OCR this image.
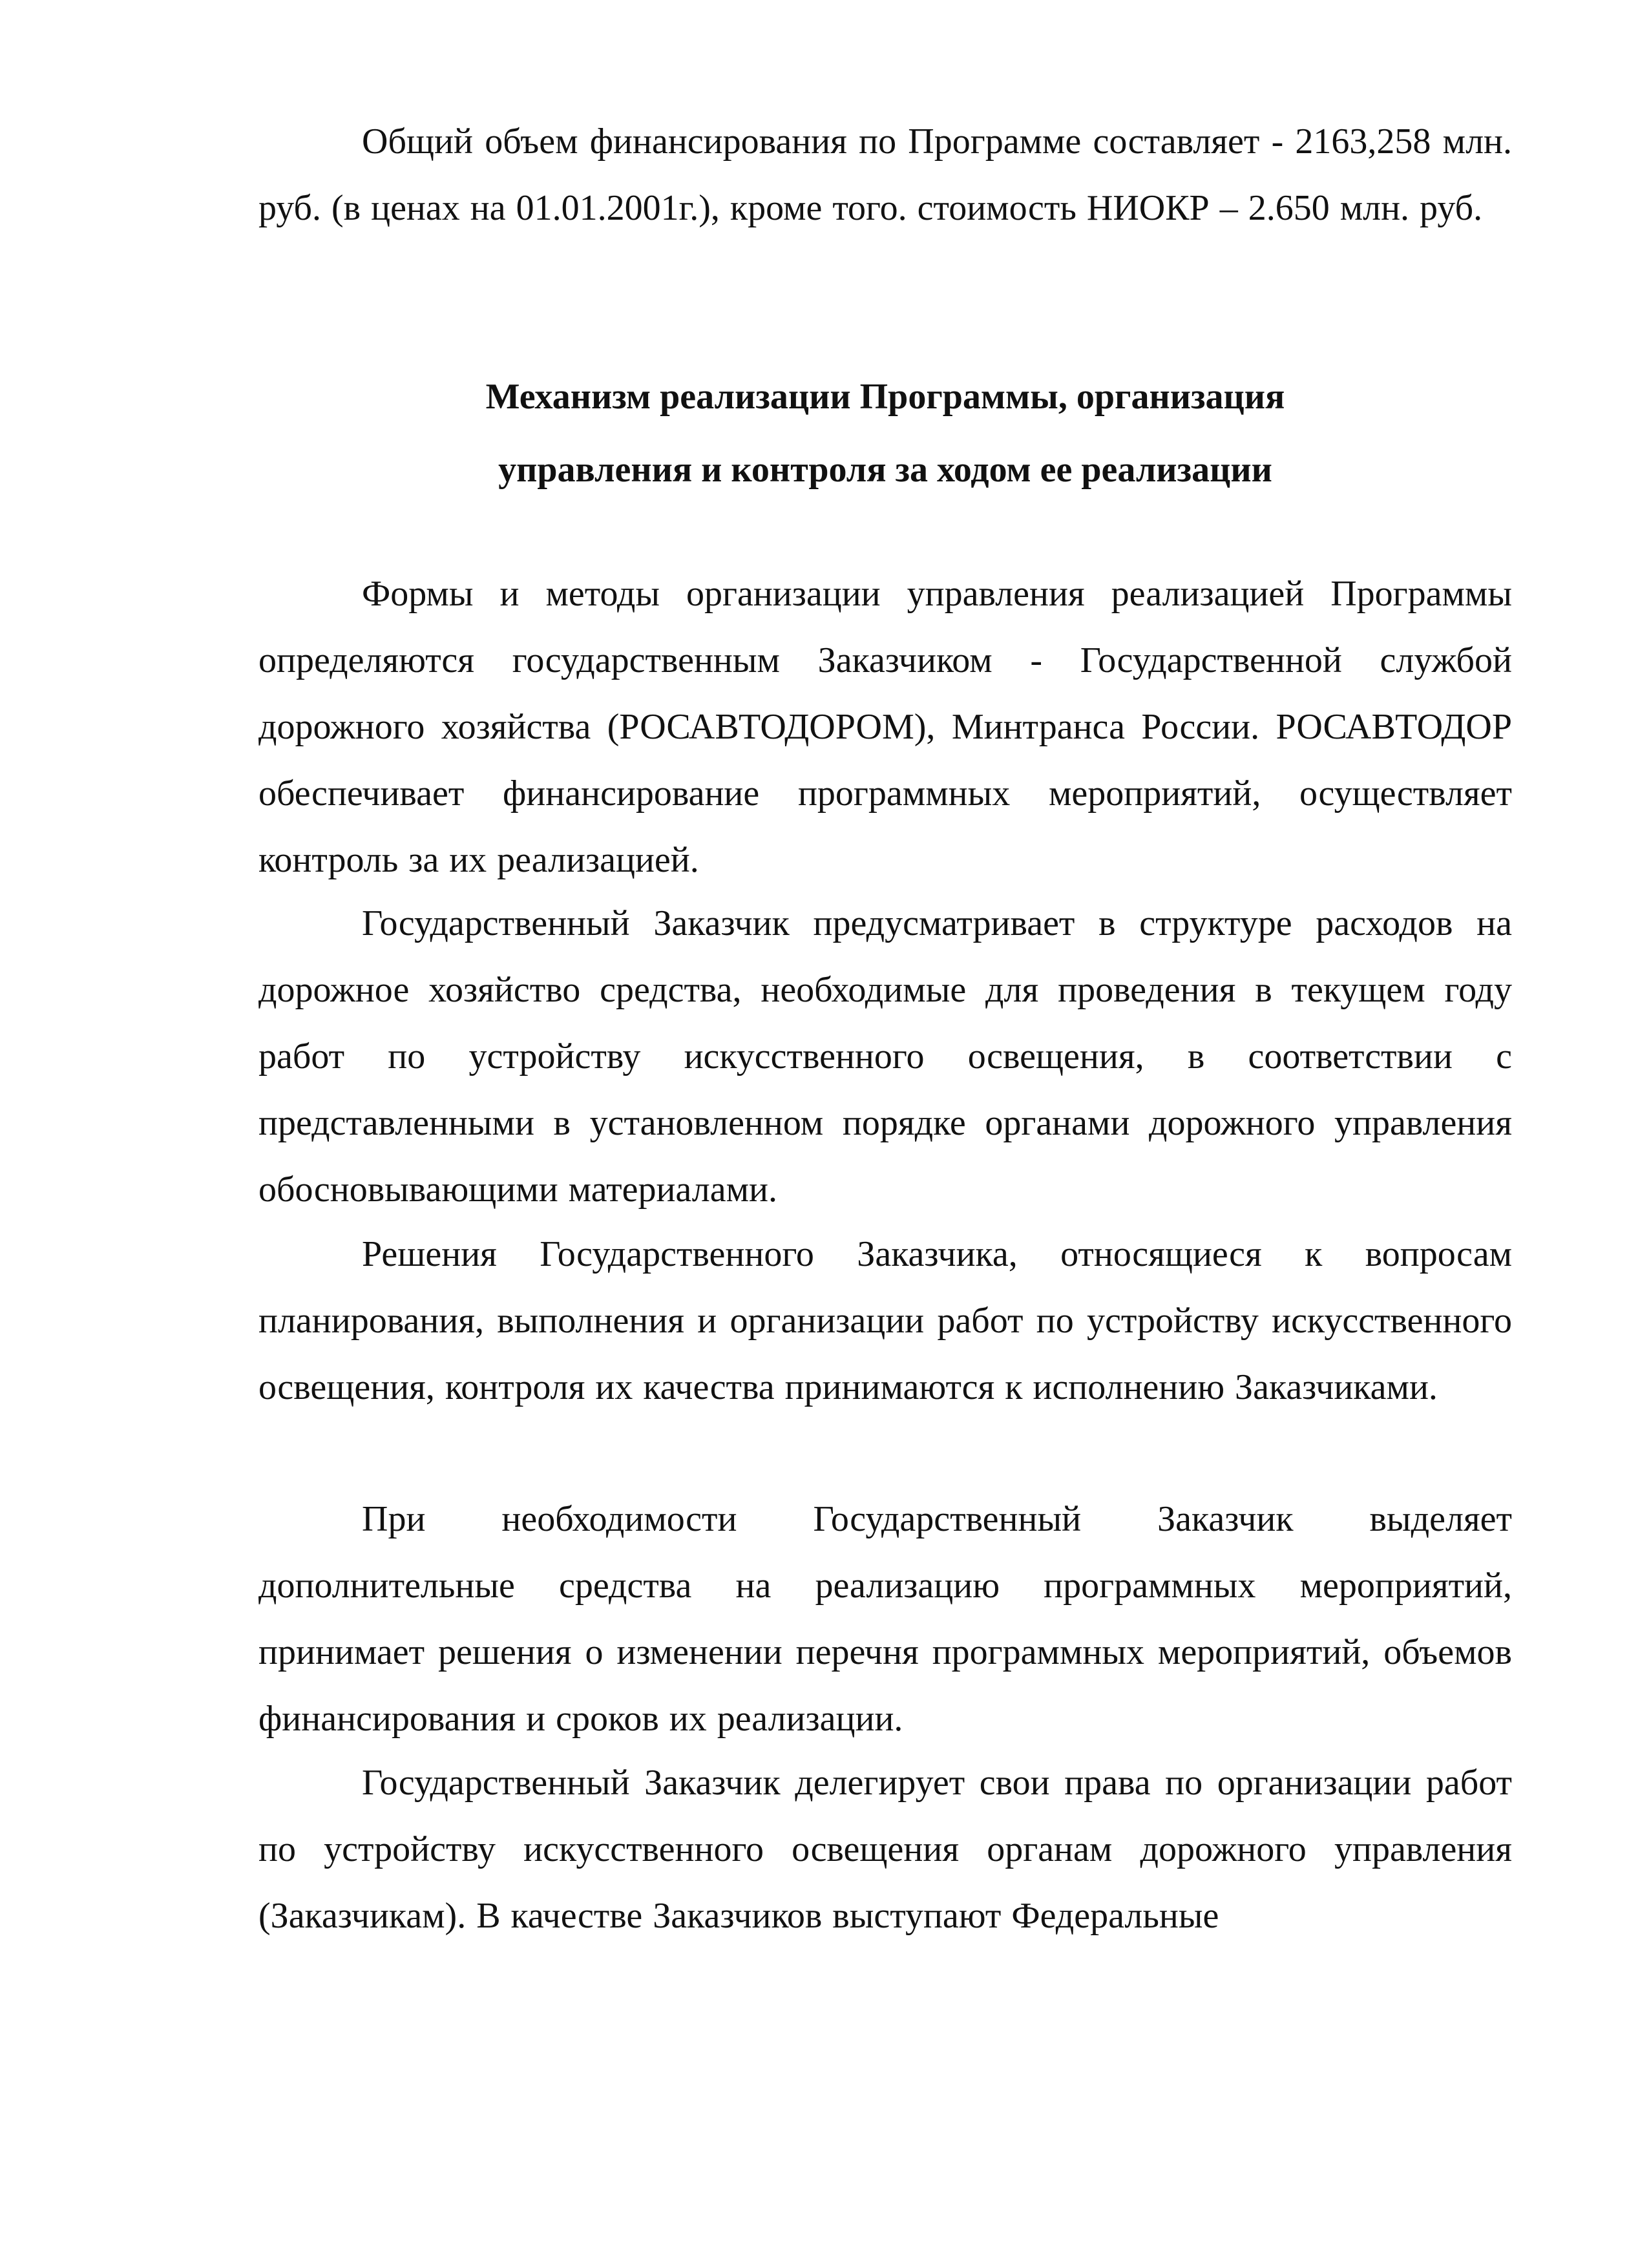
Общий объем финансирования по Программе составляет - 2163,258 млн. руб. (в ценах на 01.01.2001г.), кроме того. стоимость НИОКР – 2.650 млн. руб.

Механизм реализации Программы, организация
управления и контроля за ходом ее реализации

Формы и методы организации управления реализацией Программы определяются государственным Заказчиком - Государственной службой дорожного хозяйства (РОСАВТОДОРОМ), Минтранса России. РОСАВТОДОР обеспечивает финансирование программных мероприятий, осуществляет контроль за их реализацией.

Государственный Заказчик предусматривает в структуре расходов на дорожное хозяйство средства, необходимые для проведения в текущем году работ по устройству искусственного освещения, в соответствии с представленными в установленном порядке органами дорожного управления обосновывающими материалами.

Решения Государственного Заказчика, относящиеся к вопросам планирования, выполнения и организации работ по устройству искусственного освещения, контроля их качества принимаются к исполнению Заказчиками.

При необходимости Государственный Заказчик выделяет дополнительные средства на реализацию программных мероприятий, принимает решения о изменении перечня программных мероприятий, объемов финансирования и сроков их реализации.

Государственный Заказчик делегирует свои права по организации работ по устройству искусственного освещения органам дорожного управления (Заказчикам). В качестве Заказчиков выступают Федеральные
